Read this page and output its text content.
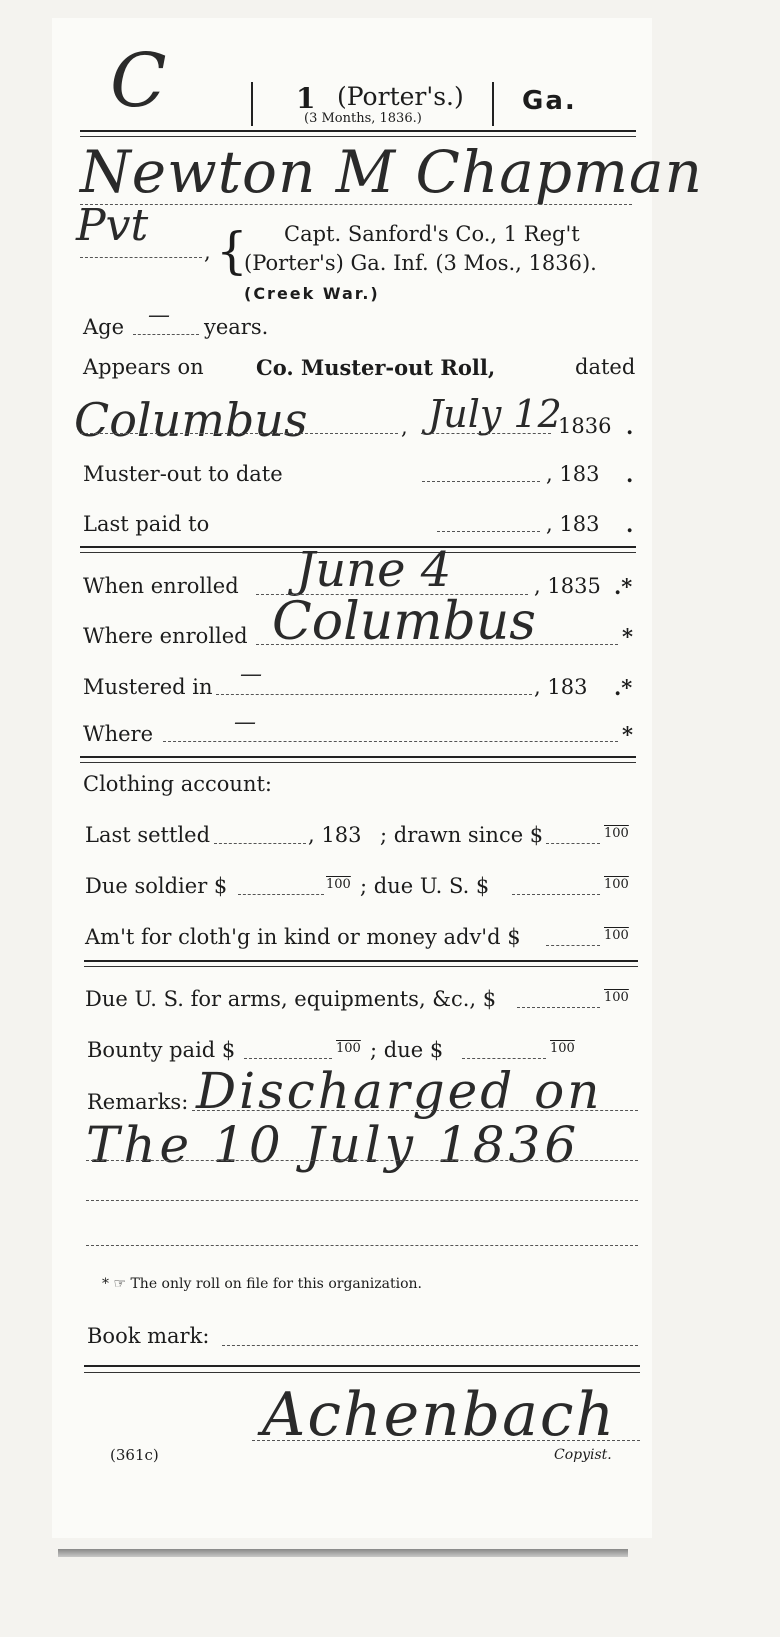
C	1 (Porter's.)
(3 Months, 1836.)
Ga.
Newton M Chapman
Pvt
, { Capt. Sanford's Co., 1 Reg't
(Porter's) Ga. Inf. (3 Mos., 1836).
(Creek War.)
Age — years.
Appears on Co. Muster-out Roll,	dated
Columbus	, July 12
1836 .
Muster-out to date	, 183 .
Last paid to	, 183 .
When enrolled June 4	, 1835 .*
Where enrolled Columbus	*
Mustered in —	, 183 .*
Where	—	*
Clothing account:
Last settled	, 183 ; drawn since $	100
Due soldier $	100 ; due U. S. $	100
Am't for cloth'g in kind or money adv'd $	100
Due U. S. for arms, equipments, &c., $	100
Bounty paid $	100 ; due $	100
Remarks: Discharged on
The 10 July 1836
* ☞ The only roll on file for this organization.
Book mark:
Achenbach
(361c)	Copyist.
